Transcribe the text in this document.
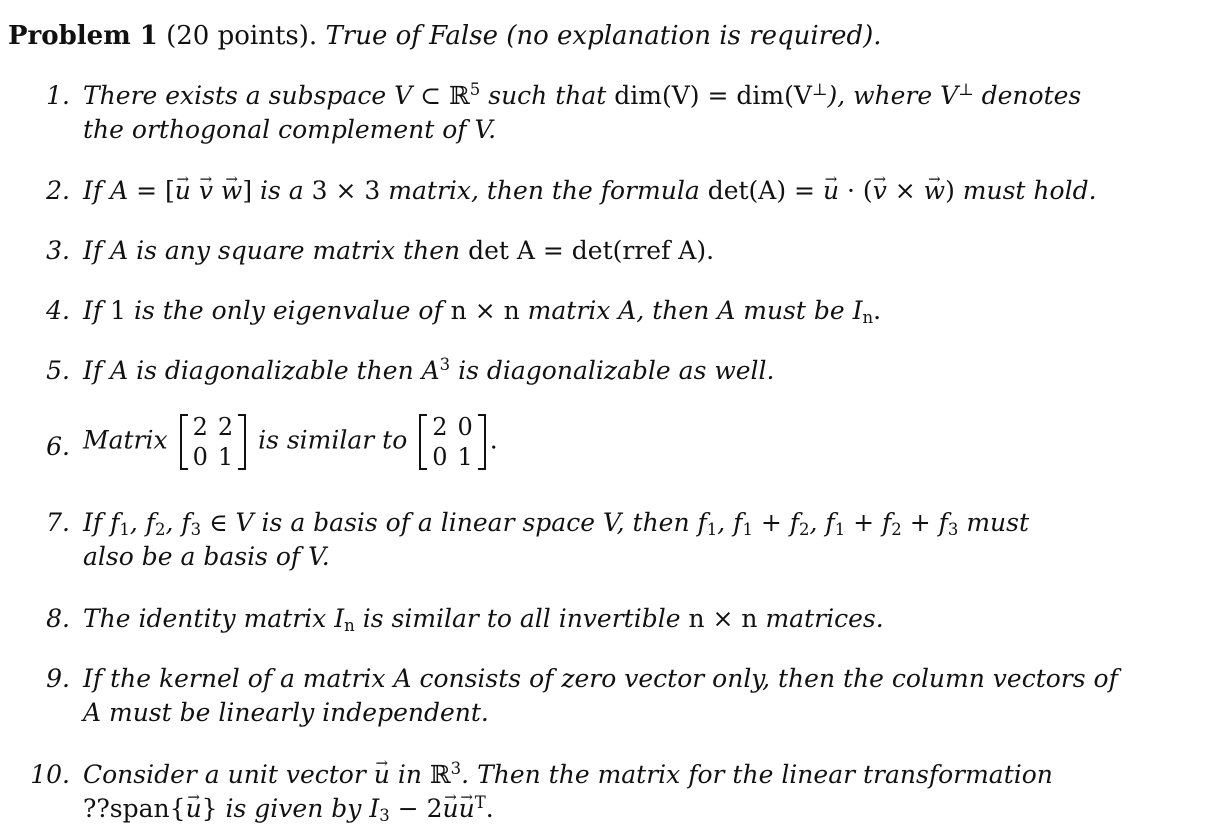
Problem 1 (20 points). True of False (no explanation is required).
1. There exists a subspace V ⊂ ℝ$^5$ such that dim(V) = dim(V⊥), where V⊥ denotes
the orthogonal complement of V.
2. If A = [→ u → v → w] is a 3 × 3 matrix, then the formula det(A) = → u · (→ v × → w) must hold.
3. If A is any square matrix then det A = det(rref A).
4. If 1 is the only eigenvalue of n × n matrix A, then A must be $I_n$.
5. If A is diagonalizable then $A^3$ is diagonalizable as well.
6. Matrix 2	2
0	1
is similar to 2	0
0	1
.
7. If $f_1$, $f_2$, $f_3$ ∈ V is a basis of a linear space V, then $f_1$, $f_1 + f_2$, $f_1 + f_2 + f_3$ must
also be a basis of V.
8. The identity matrix $I_n$ is similar to all invertible n × n matrices.
9. If the kernel of a matrix A consists of zero vector only, then the column vectors of
A must be linearly independent.
10. Consider a unit vector → u in ℝ$^3$. Then the matrix for the linear transformation
??span{→ u} is given by $I_3 - 2\to u\to u^T$.
